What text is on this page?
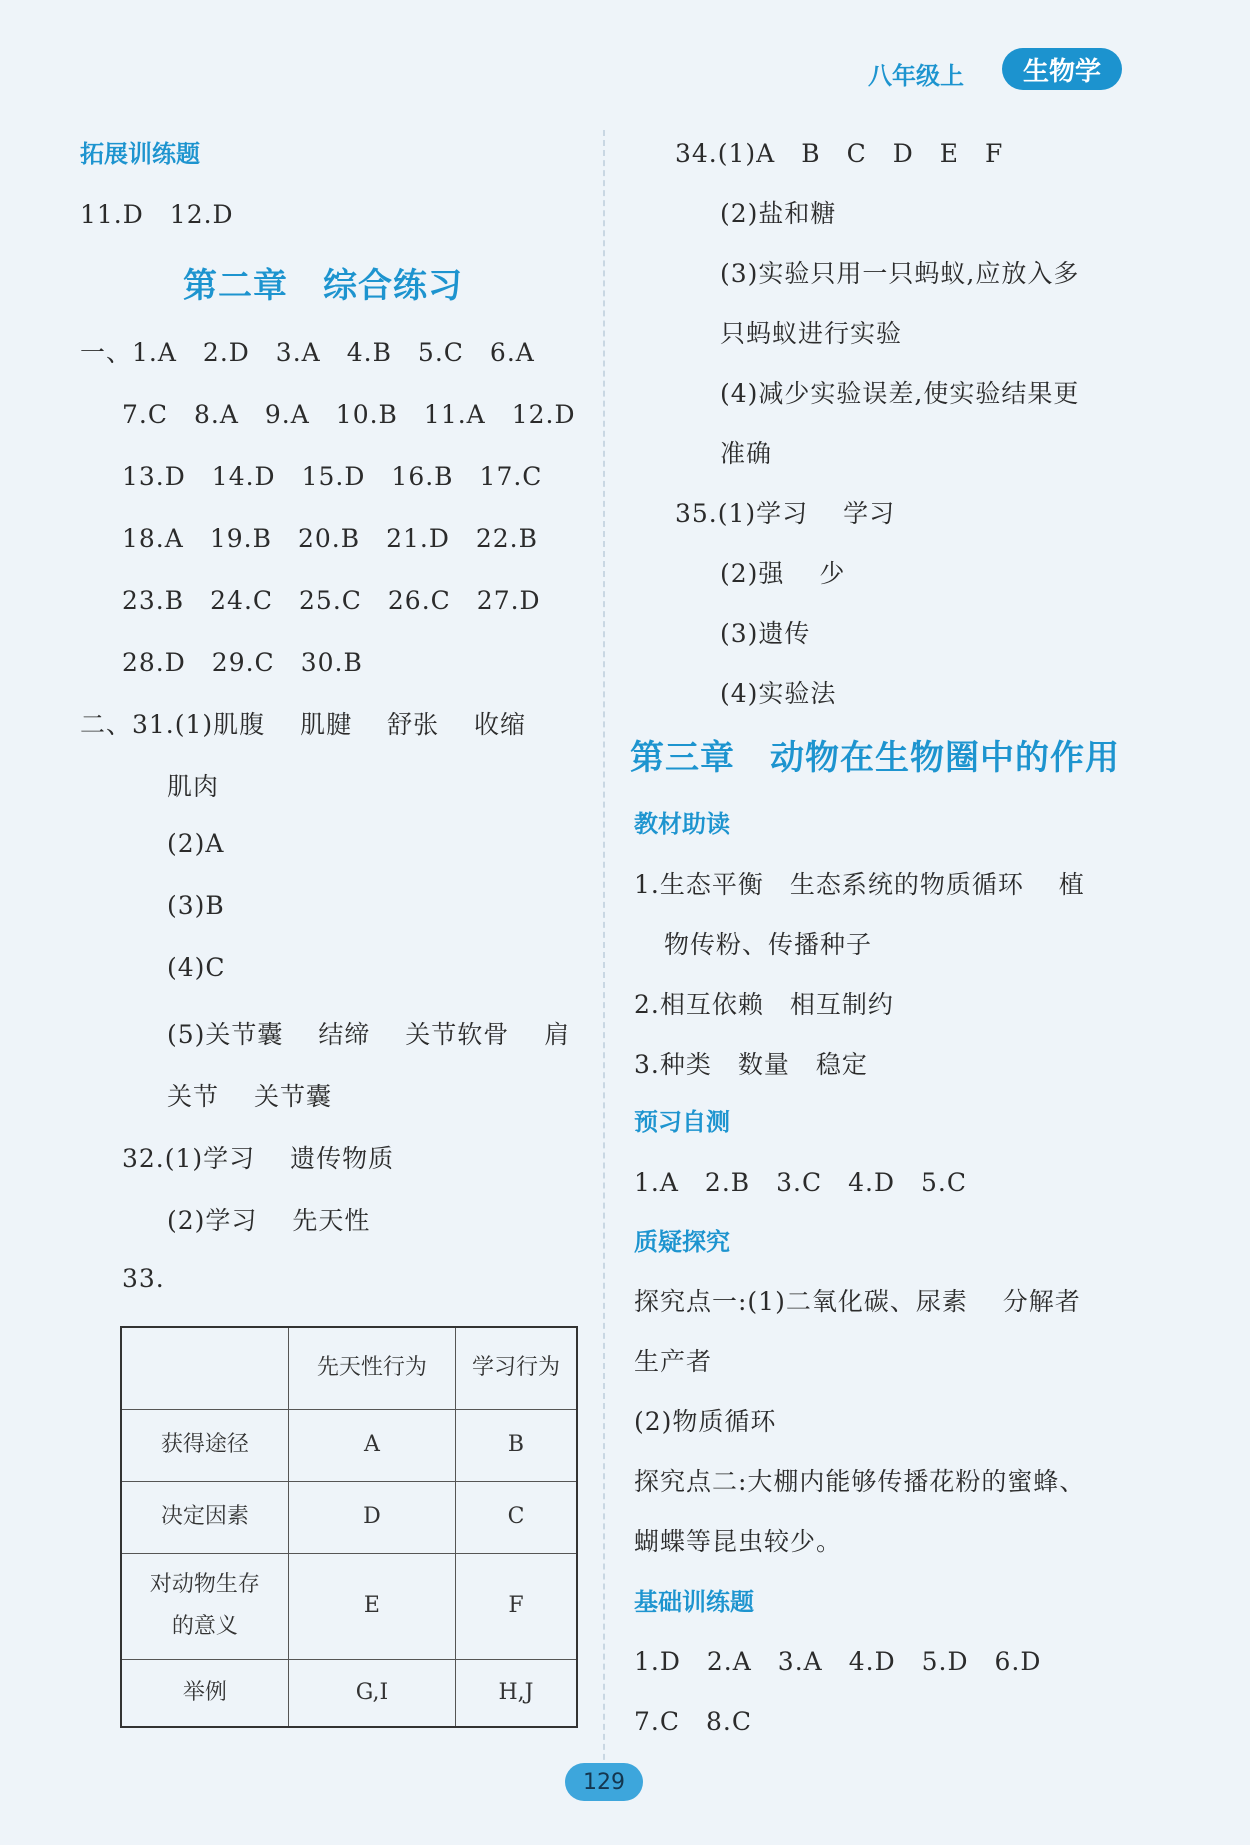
八年级上	生物学
拓展训练题
11.D　12.D
第二章　综合练习
一、1.A　2.D　3.A　4.B　5.C　6.A
7.C　8.A　9.A　10.B　11.A　12.D
13.D　14.D　15.D　16.B　17.C
18.A　19.B　20.B　21.D　22.B
23.B　24.C　25.C　26.C　27.D
28.D　29.C　30.B
二、31.(1)肌腹　 肌腱　 舒张　 收缩
肌肉
(2)A
(3)B
(4)C
(5)关节囊　 结缔　 关节软骨　 肩
关节　 关节囊
32.(1)学习　 遗传物质
(2)学习　 先天性
33.
	先天性行为	学习行为
获得途径	A	B
决定因素	D	C
对动物生存的意义	E	F
举例	G,I	H,J
34.(1)A　B　C　D　E　F
(2)盐和糖
(3)实验只用一只蚂蚁,应放入多
只蚂蚁进行实验
(4)减少实验误差,使实验结果更
准确
35.(1)学习　 学习
(2)强　 少
(3)遗传
(4)实验法
第三章　动物在生物圈中的作用
教材助读
1.生态平衡　生态系统的物质循环　 植
物传粉、传播种子
2.相互依赖　相互制约
3.种类　数量　稳定
预习自测
1.A　2.B　3.C　4.D　5.C
质疑探究
探究点一:(1)二氧化碳、尿素　 分解者
生产者
(2)物质循环
探究点二:大棚内能够传播花粉的蜜蜂、
蝴蝶等昆虫较少。
基础训练题
1.D　2.A　3.A　4.D　5.D　6.D
7.C　8.C
129
